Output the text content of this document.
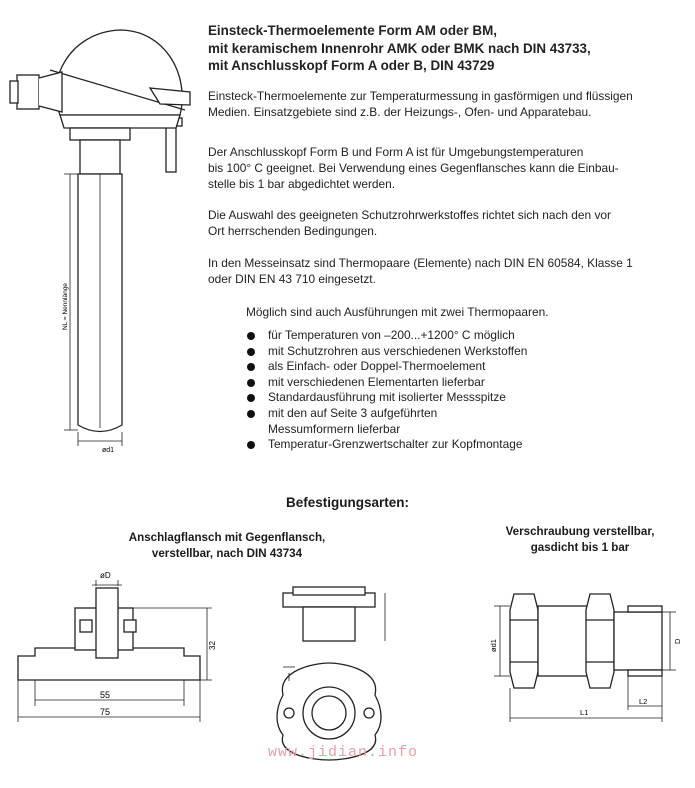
Einsteck-Thermoelemente Form AM oder BM,
mit keramischem Innenrohr AMK oder BMK nach DIN 43733,
mit Anschlusskopf Form A oder B, DIN 43729
Einsteck-Thermoelemente zur Temperaturmessung in gasförmigen und flüssigen
Medien. Einsatzgebiete sind z.B. der Heizungs-, Ofen- und Apparatebau.
Der Anschlusskopf Form B und Form A ist für Umgebungstemperaturen
bis 100° C geeignet. Bei Verwendung eines Gegenflansches kann die Einbau-
stelle bis 1 bar abgedichtet werden.
Die Auswahl des geeigneten Schutzrohrwerkstoffes richtet sich nach den vor
Ort herrschenden Bedingungen.
In den Messeinsatz sind Thermopaare (Elemente) nach DIN EN 60584, Klasse 1
oder DIN EN 43 710 eingesetzt.
Möglich sind auch Ausführungen mit zwei Thermopaaren.
für Temperaturen von –200...+1200° C möglich
mit Schutzrohren aus verschiedenen Werkstoffen
als Einfach- oder Doppel-Thermoelement
mit verschiedenen Elementarten lieferbar
Standardausführung mit isolierter Messspitze
mit den auf Seite 3 aufgeführten
Messumformern lieferbar
Temperatur-Grenzwertschalter zur Kopfmontage
NL = Nennlänge
ød1
Befestigungsarten:
Anschlagflansch mit Gegenflansch,
verstellbar, nach DIN 43734
Verschraubung verstellbar,
gasdicht bis 1 bar
øD
32
55
75
ød1	D
L2
L1
www.jidian.info
